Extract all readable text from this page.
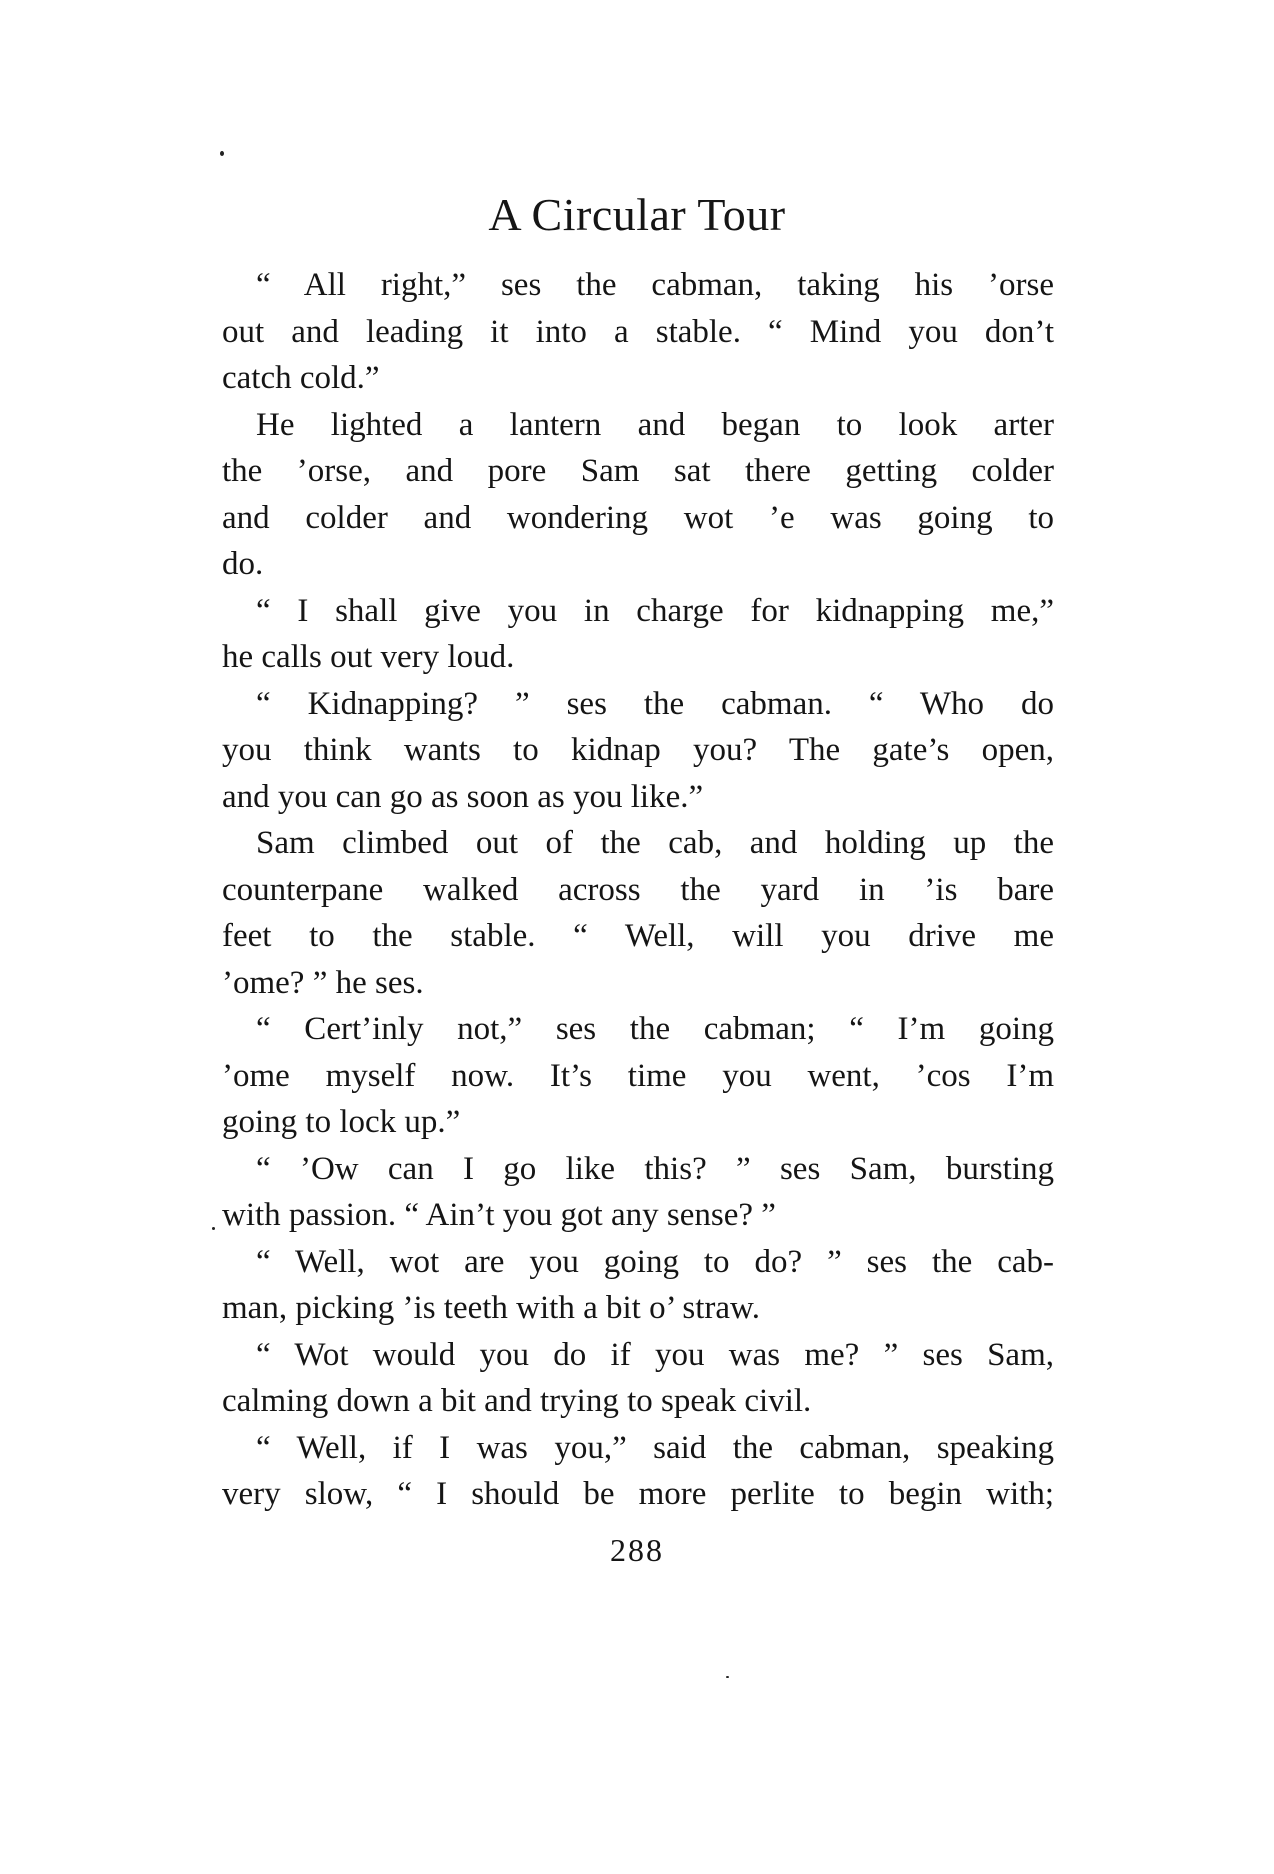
A Circular Tour
“ All right,” ses the cabman, taking his ’orse
out and leading it into a stable. “ Mind you don’t
catch cold.”
He lighted a lantern and began to look arter
the ’orse, and pore Sam sat there getting colder
and colder and wondering wot ’e was going to
do.
“ I shall give you in charge for kidnapping me,”
he calls out very loud.
“ Kidnapping? ” ses the cabman. “ Who do
you think wants to kidnap you? The gate’s open,
and you can go as soon as you like.”
Sam climbed out of the cab, and holding up the
counterpane walked across the yard in ’is bare
feet to the stable. “ Well, will you drive me
’ome? ” he ses.
“ Cert’inly not,” ses the cabman; “ I’m going
’ome myself now. It’s time you went, ’cos I’m
going to lock up.”
“ ’Ow can I go like this? ” ses Sam, bursting
with passion. “ Ain’t you got any sense? ”
“ Well, wot are you going to do? ” ses the cab-
man, picking ’is teeth with a bit o’ straw.
“ Wot would you do if you was me? ” ses Sam,
calming down a bit and trying to speak civil.
“ Well, if I was you,” said the cabman, speaking
very slow, “ I should be more perlite to begin with;
288
